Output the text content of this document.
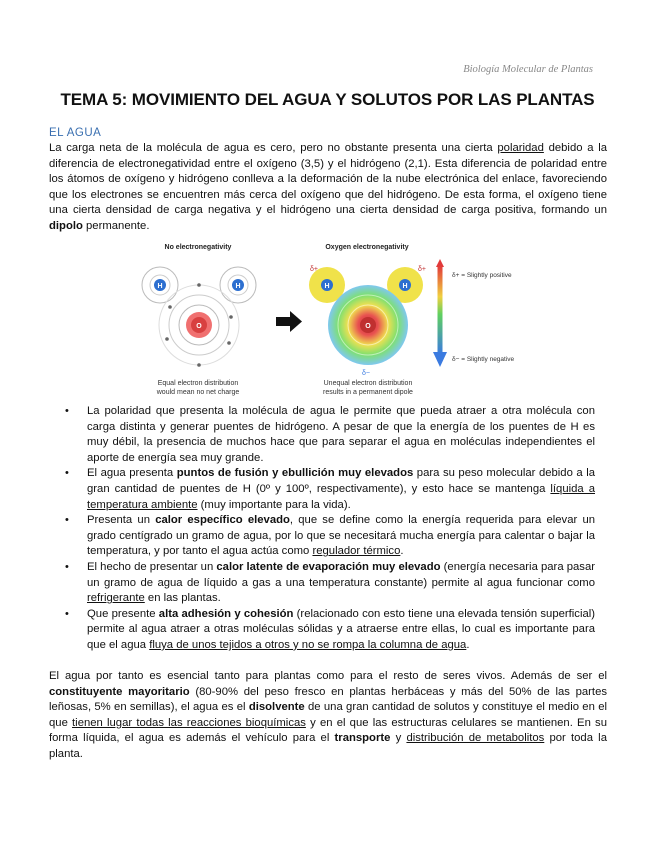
Biología Molecular de Plantas
TEMA 5: MOVIMIENTO DEL AGUA Y SOLUTOS POR LAS PLANTAS
EL AGUA

La carga neta de la molécula de agua es cero, pero no obstante presenta una cierta polaridad debido a la diferencia de electronegatividad entre el oxígeno (3,5) y el hidrógeno (2,1). Esta diferencia de polaridad entre los átomos de oxígeno y hidrógeno conlleva a la deformación de la nube electrónica del enlace, favoreciendo que los electrones se encuentren más cerca del oxígeno que del hidrógeno. De esta forma, el oxígeno tiene una cierta densidad de carga negativa y el hidrógeno una cierta densidad de carga positiva, formando un dipolo permanente.

No electronegativity
H	H
O
Equal electron distribution
would mean no net charge
Oxygen electronegativity
H	H
O
δ+	δ+
δ−
Unequal electron distribution
results in a permanent dipole
δ+ = Slightly positive
δ− = Slightly negative
• La polaridad que presenta la molécula de agua le permite que pueda atraer a otra molécula con carga distinta y generar puentes de hidrógeno. A pesar de que la energía de los puentes de H es muy débil, la presencia de muchos hace que para separar el agua en moléculas independientes el aporte de energía sea muy grande.
• El agua presenta puntos de fusión y ebullición muy elevados para su peso molecular debido a la gran cantidad de puentes de H (0º y 100º, respectivamente), y esto hace se mantenga líquida a temperatura ambiente (muy importante para la vida).
• Presenta un calor específico elevado, que se define como la energía requerida para elevar un grado centígrado un gramo de agua, por lo que se necesitará mucha energía para calentar o bajar la temperatura, y por tanto el agua actúa como regulador térmico.
• El hecho de presentar un calor latente de evaporación muy elevado (energía necesaria para pasar un gramo de agua de líquido a gas a una temperatura constante) permite al agua funcionar como refrigerante en las plantas.
• Que presente alta adhesión y cohesión (relacionado con esto tiene una elevada tensión superficial) permite al agua atraer a otras moléculas sólidas y a atraerse entre ellas, lo cual es importante para que el agua fluya de unos tejidos a otros y no se rompa la columna de agua.

El agua por tanto es esencial tanto para plantas como para el resto de seres vivos. Además de ser el constituyente mayoritario (80-90% del peso fresco en plantas herbáceas y más del 50% de las partes leñosas, 5% en semillas), el agua es el disolvente de una gran cantidad de solutos y constituye el medio en el que tienen lugar todas las reacciones bioquímicas y en el que las estructuras celulares se mantienen. En su forma líquida, el agua es además el vehículo para el transporte y distribución de metabolitos por toda la planta.
